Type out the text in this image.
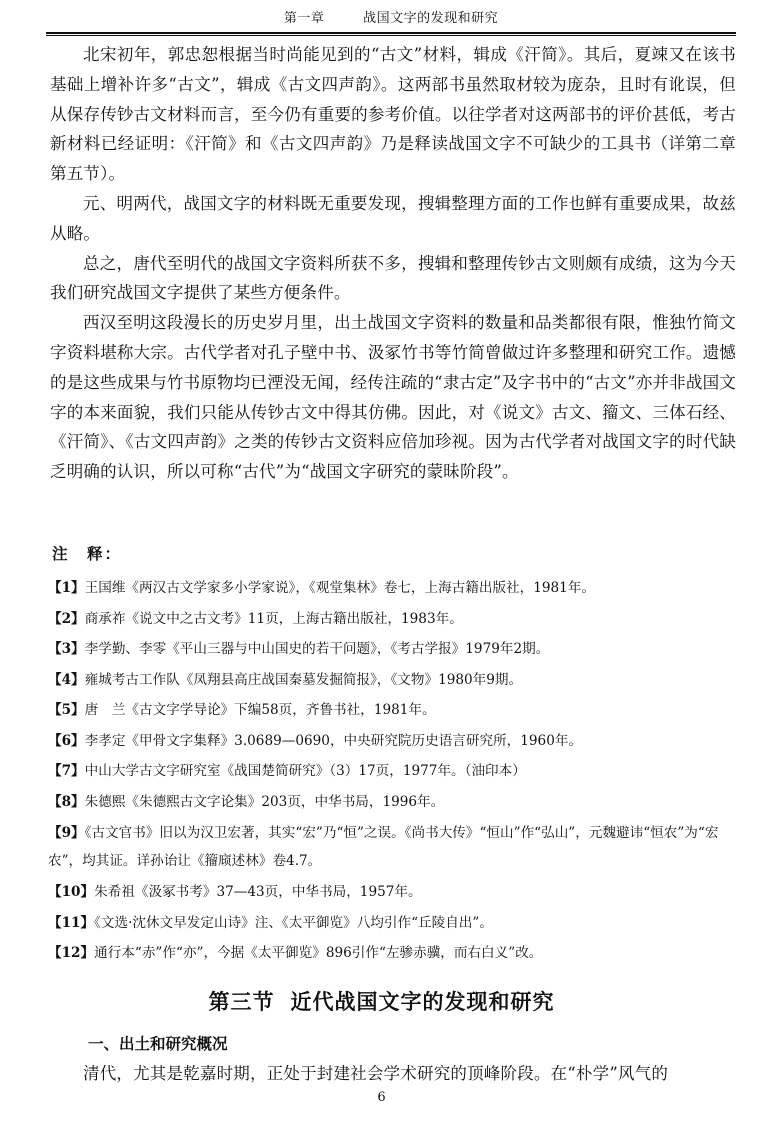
第一章	战国文字的发现和研究

北宋初年，郭忠恕根据当时尚能见到的“古文”材料，辑成《汗简》。其后，夏竦又在该书基础上增补许多“古文”，辑成《古文四声韵》。这两部书虽然取材较为庞杂，且时有讹误，但从保存传钞古文材料而言，至今仍有重要的参考价值。以往学者对这两部书的评价甚低，考古新材料已经证明：《汗简》和《古文四声韵》乃是释读战国文字不可缺少的工具书（详第二章第五节）。

元、明两代，战国文字的材料既无重要发现，搜辑整理方面的工作也鲜有重要成果，故兹从略。

总之，唐代至明代的战国文字资料所获不多，搜辑和整理传钞古文则颇有成绩，这为今天我们研究战国文字提供了某些方便条件。

西汉至明这段漫长的历史岁月里，出土战国文字资料的数量和品类都很有限，惟独竹简文字资料堪称大宗。古代学者对孔子壁中书、汲冢竹书等竹简曾做过许多整理和研究工作。遗憾的是这些成果与竹书原物均已湮没无闻，经传注疏的“隶古定”及字书中的“古文”亦并非战国文字的本来面貌，我们只能从传钞古文中得其仿佛。因此，对《说文》古文、籀文、三体石经、《汗简》、《古文四声韵》之类的传钞古文资料应倍加珍视。因为古代学者对战国文字的时代缺乏明确的认识，所以可称“古代”为“战国文字研究的蒙昧阶段”。

注　释：
【1】王国维《两汉古文学家多小学家说》，《观堂集林》卷七，上海古籍出版社，1981年。
【2】商承祚《说文中之古文考》11页，上海古籍出版社，1983年。
【3】李学勤、李零《平山三器与中山国史的若干问题》，《考古学报》1979年2期。
【4】雍城考古工作队《凤翔县高庄战国秦墓发掘简报》，《文物》1980年9期。
【5】唐　兰《古文字学导论》下编58页，齐鲁书社，1981年。
【6】李孝定《甲骨文字集释》3.0689—0690，中央研究院历史语言研究所，1960年。
【7】中山大学古文字研究室《战国楚简研究》（3）17页，1977年。（油印本）
【8】朱德熙《朱德熙古文字论集》203页，中华书局，1996年。
【9】《古文官书》旧以为汉卫宏著，其实“宏”乃“恒”之误。《尚书大传》“恒山”作“弘山”，元魏避讳“恒农”为“宏农”，均其证。详孙诒让《籀庼述林》卷4.7。
【10】朱希祖《汲冢书考》37—43页，中华书局，1957年。
【11】《文选·沈休文早发定山诗》注、《太平御览》八均引作“丘陵自出”。
【12】通行本“赤”作“亦”，今据《太平御览》896引作“左骖赤骥，而右白义”改。
第三节 近代战国文字的发现和研究
一、出土和研究概况

清代，尤其是乾嘉时期，正处于封建社会学术研究的顶峰阶段。在“朴学”风气的

6
